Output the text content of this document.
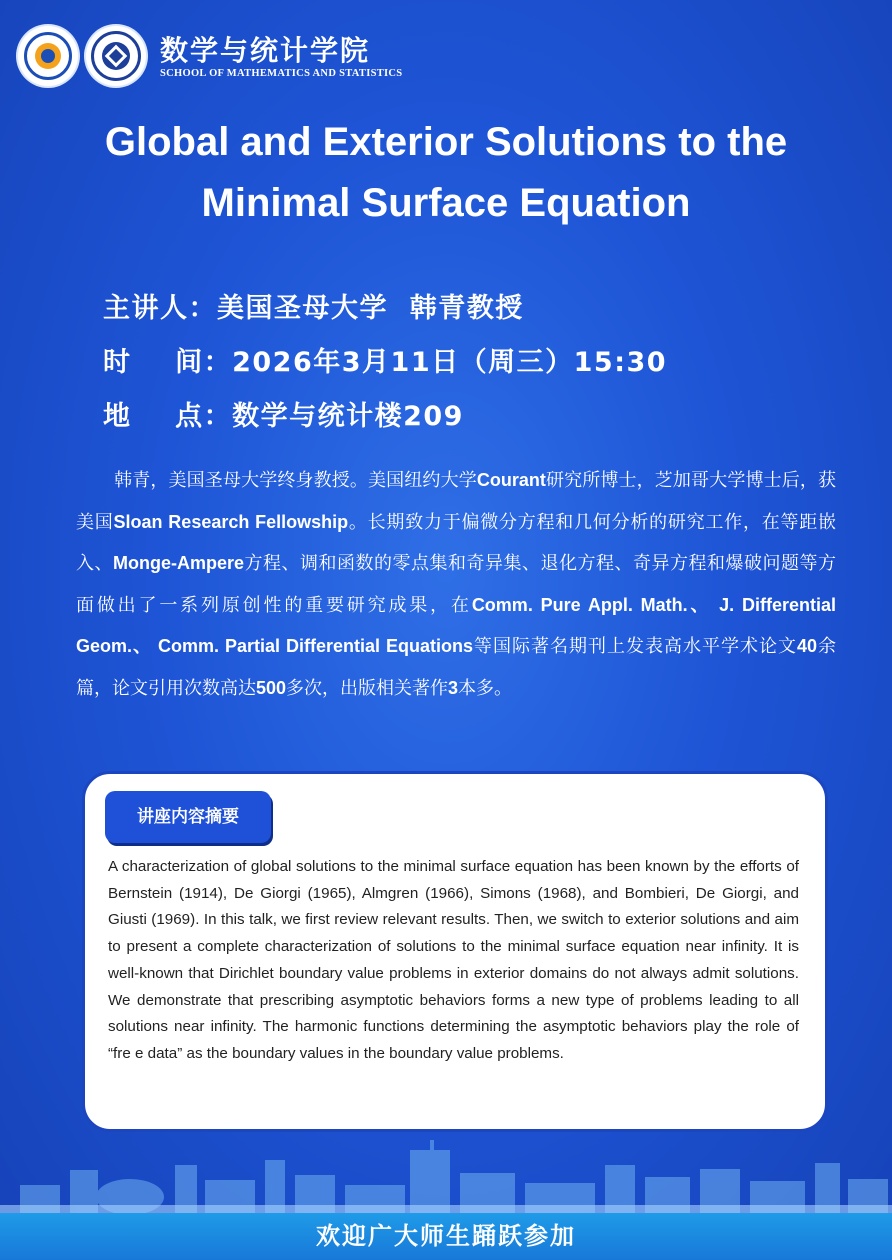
数学与统计学院
SCHOOL OF MATHEMATICS AND STATISTICS
Global and Exterior Solutions to the
Minimal Surface Equation
主讲人：美国圣母大学  韩青教授
时    间：2026年3月11日（周三）15:30
地    点：数学与统计楼209
韩青，美国圣母大学终身教授。美国纽约大学Courant研究所博士，芝加哥大学博士后，获美国Sloan Research Fellowship。长期致力于偏微分方程和几何分析的研究工作，在等距嵌入、Monge-Ampere方程、调和函数的零点集和奇异集、退化方程、奇异方程和爆破问题等方面做出了一系列原创性的重要研究成果，在Comm. Pure Appl. Math.、 J. Differential Geom.、 Comm. Partial Differential Equations等国际著名期刊上发表高水平学术论文40余篇，论文引用次数高达500多次，出版相关著作3本多。
讲座内容摘要
A characterization of global solutions to the minimal surface equation has been known by the efforts of Bernstein (1914), De Giorgi (1965), Almgren (1966), Simons (1968), and Bombieri, De Giorgi, and Giusti (1969). In this talk, we first review relevant results. Then, we switch to exterior solutions and aim to present a complete characterization of solutions to the minimal surface equation near infinity. It is well-known that Dirichlet boundary value problems in exterior domains do not always admit solutions. We demonstrate that prescribing asymptotic behaviors forms a new type of problems leading to all solutions near infinity. The harmonic functions determining the asymptotic behaviors play the role of “fre e data” as the boundary values in the boundary value problems.
欢迎广大师生踊跃参加
